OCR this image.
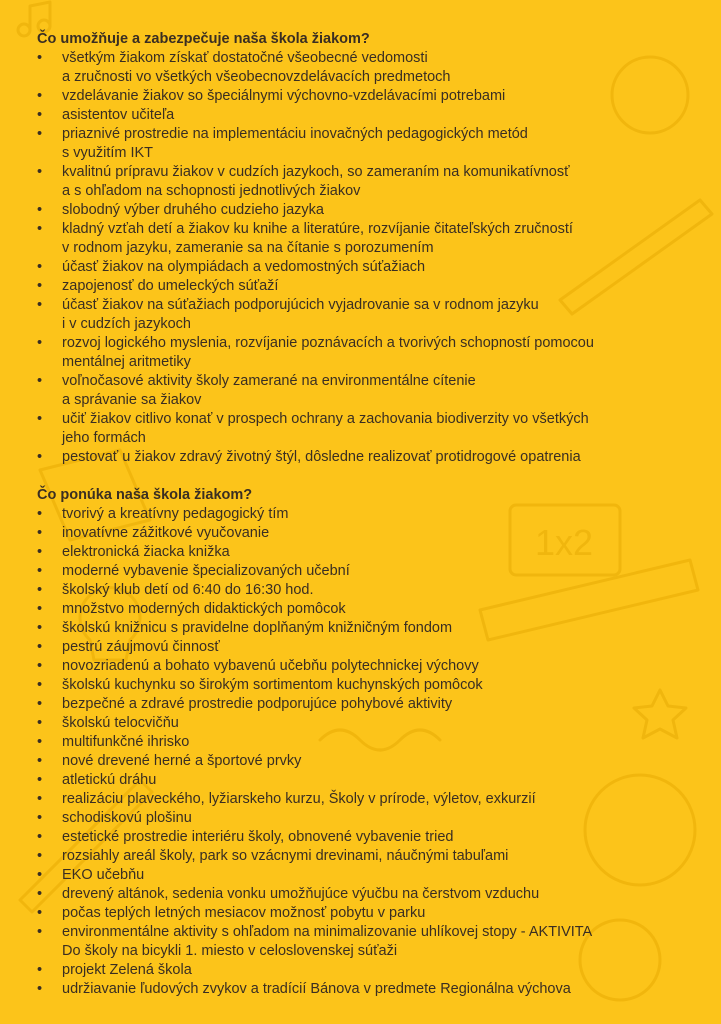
1x2
Čo umožňuje a zabezpečuje naša škola žiakom?
• všetkým žiakom získať dostatočné všeobecné vedomosti
a zručnosti vo všetkých všeobecnovzdelávacích predmetoch
• vzdelávanie žiakov so špeciálnymi výchovno-vzdelávacími potrebami
• asistentov učiteľa
• priaznivé prostredie na implementáciu inovačných pedagogických metód
s využitím IKT
• kvalitnú prípravu žiakov v cudzích jazykoch, so zameraním na komunikatívnosť
a s ohľadom na schopnosti jednotlivých žiakov
• slobodný výber druhého cudzieho jazyka
• kladný vzťah detí a žiakov ku knihe a literatúre, rozvíjanie čitateľských zručností
v rodnom jazyku, zameranie sa na čítanie s porozumením
• účasť žiakov na olympiádach a vedomostných súťažiach
• zapojenosť do umeleckých súťaží
• účasť žiakov na súťažiach podporujúcich vyjadrovanie sa v rodnom jazyku
i v cudzích jazykoch
• rozvoj logického myslenia, rozvíjanie poznávacích a tvorivých schopností pomocou
mentálnej aritmetiky
• voľnočasové aktivity školy zamerané na environmentálne cítenie
a správanie sa žiakov
• učiť žiakov citlivo konať v prospech ochrany a zachovania biodiverzity vo všetkých
jeho formách
• pestovať u žiakov zdravý životný štýl, dôsledne realizovať protidrogové opatrenia
Čo ponúka naša škola žiakom?
• tvorivý a kreatívny pedagogický tím
• inovatívne zážitkové vyučovanie
• elektronická žiacka knižka
• moderné vybavenie špecializovaných učební
• školský klub detí od 6:40 do 16:30 hod.
• množstvo moderných didaktických pomôcok
• školskú knižnicu s pravidelne doplňaným knižničným fondom
• pestrú záujmovú činnosť
• novozriadenú a bohato vybavenú učebňu polytechnickej výchovy
• školskú kuchynku so širokým sortimentom kuchynských pomôcok
• bezpečné a zdravé prostredie podporujúce pohybové aktivity
• školskú telocvičňu
• multifunkčné ihrisko
• nové drevené herné a športové prvky
• atletickú dráhu
• realizáciu plaveckého, lyžiarskeho kurzu, Školy v prírode, výletov, exkurzií
• schodiskovú plošinu
• estetické prostredie interiéru školy, obnovené vybavenie tried
• rozsiahly areál školy, park so vzácnymi drevinami, náučnými tabuľami
• EKO učebňu
• drevený altánok, sedenia vonku umožňujúce výučbu na čerstvom vzduchu
• počas teplých letných mesiacov možnosť pobytu v parku
• environmentálne aktivity s ohľadom na minimalizovanie uhlíkovej stopy - AKTIVITA
Do školy na bicykli 1. miesto v celoslovenskej súťaži
• projekt Zelená škola
• udržiavanie ľudových zvykov a tradícií Bánova v predmete Regionálna výchova
